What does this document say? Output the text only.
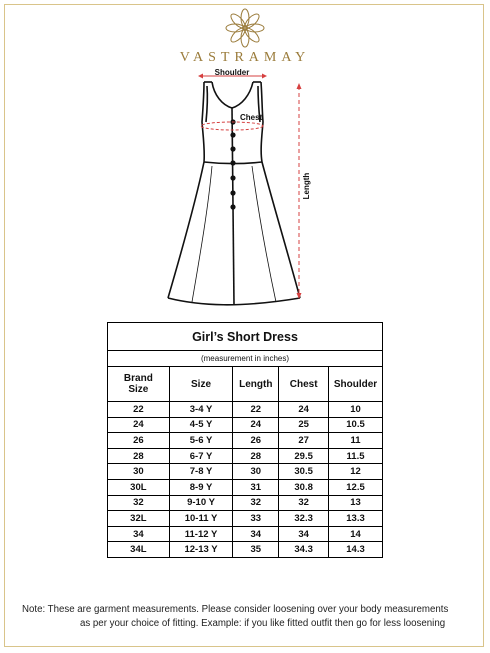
VASTRAMAY
Shoulder
Chest
Length
Girl’s Short Dress				
(measurement in inches)				
Brand
Size	Size	Length	Chest	Shoulder
22	3-4 Y	22	24	10
24	4-5 Y	24	25	10.5
26	5-6 Y	26	27	11
28	6-7 Y	28	29.5	11.5
30	7-8 Y	30	30.5	12
30L	8-9 Y	31	30.8	12.5
32	9-10 Y	32	32	13
32L	10-11 Y	33	32.3	13.3
34	11-12 Y	34	34	14
34L	12-13 Y	35	34.3	14.3
Note: These are garment measurements. Please consider loosening over your body measurements
as per your choice of fitting. Example: if you like fitted outfit then go for less loosening
